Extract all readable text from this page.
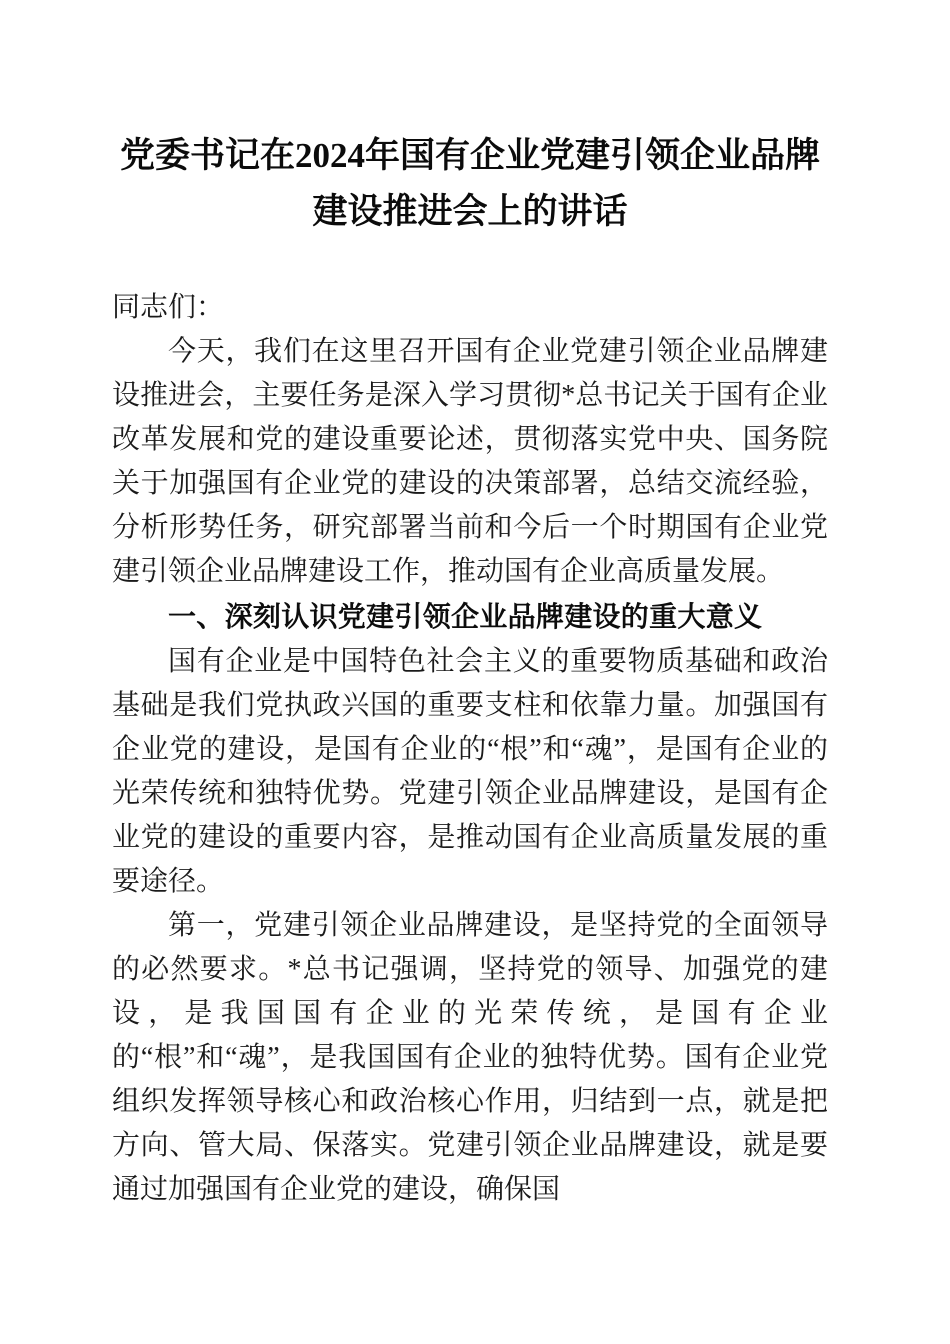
党委书记在2024年国有企业党建引领企业品牌建设推进会上的讲话

同志们：

今天，我们在这里召开国有企业党建引领企业品牌建设推进会，主要任务是深入学习贯彻*总书记关于国有企业改革发展和党的建设重要论述，贯彻落实党中央、国务院关于加强国有企业党的建设的决策部署，总结交流经验，分析形势任务，研究部署当前和今后一个时期国有企业党建引领企业品牌建设工作，推动国有企业高质量发展。

一、深刻认识党建引领企业品牌建设的重大意义

国有企业是中国特色社会主义的重要物质基础和政治基础是我们党执政兴国的重要支柱和依靠力量。加强国有企业党的建设，是国有企业的“根”和“魂”，是国有企业的光荣传统和独特优势。党建引领企业品牌建设，是国有企业党的建设的重要内容，是推动国有企业高质量发展的重要途径。

第一，党建引领企业品牌建设，是坚持党的全面领导的必然要求。*总书记强调，坚持党的领导、加强党的建设，是我国国有企业的光荣传统，是国有企业的“根”和“魂”，是我国国有企业的独特优势。国有企业党组织发挥领导核心和政治核心作用，归结到一点，就是把方向、管大局、保落实。党建引领企业品牌建设，就是要通过加强国有企业党的建设，确保国
